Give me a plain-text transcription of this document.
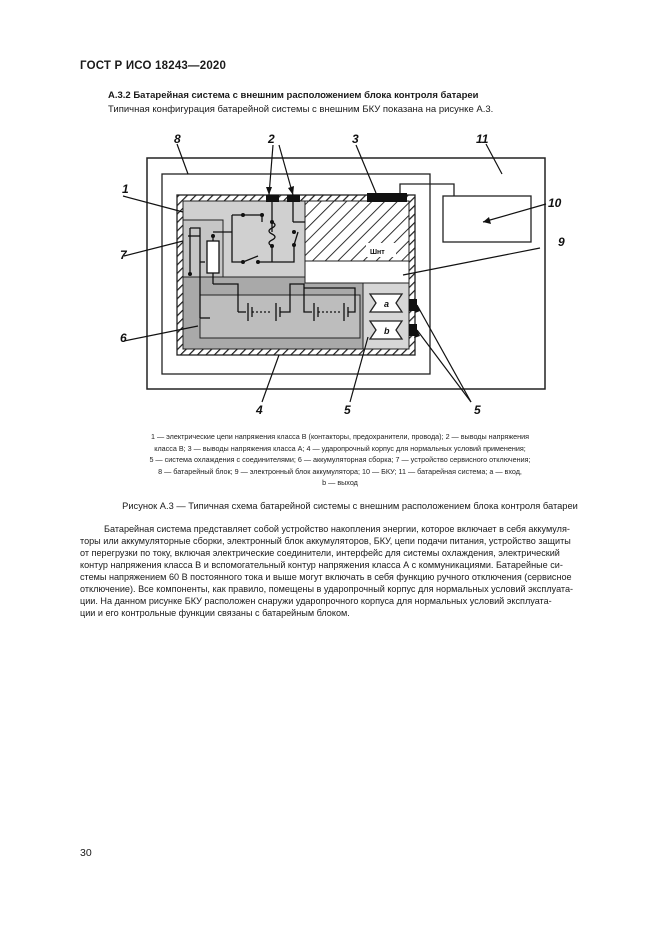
ГОСТ Р ИСО 18243—2020
А.3.2 Батарейная система с внешним расположением блока контроля батареи
Типичная конфигурация батарейной системы с внешним БКУ показана на рисунке А.3.
Шнт
a
b
1
2	3
4	5	5
6
7
8
9
10
11
1 — электрические цепи напряжения класса В (контакторы, предохранители, провода); 2 — выводы напряжения
класса В; 3 — выводы напряжения класса А; 4 — ударопрочный корпус для нормальных условий применения;
5 — система охлаждения с соединителями; 6 — аккумуляторная сборка; 7 — устройство сервисного отключения;
8 — батарейный блок; 9 — электронный блок аккумулятора; 10 — БКУ; 11 — батарейная система; a — вход,
b — выход
Рисунок А.3 — Типичная схема батарейной системы с внешним расположением блока контроля батареи
Батарейная система представляет собой устройство накопления энергии, которое включает в себя аккумуля-
торы или аккумуляторные сборки, электронный блок аккумуляторов, БКУ, цепи подачи питания, устройство защиты
от перегрузки по току, включая электрические соединители, интерфейс для системы охлаждения, электрический
контур напряжения класса В и вспомогательный контур напряжения класса А с коммуникациями. Батарейные си-
стемы напряжением 60 В постоянного тока и выше могут включать в себя функцию ручного отключения (сервисное
отключение). Все компоненты, как правило, помещены в ударопрочный корпус для нормальных условий эксплуата-
ции. На данном рисунке БКУ расположен снаружи ударопрочного корпуса для нормальных условий эксплуата-
ции и его контрольные функции связаны с батарейным блоком.
30
